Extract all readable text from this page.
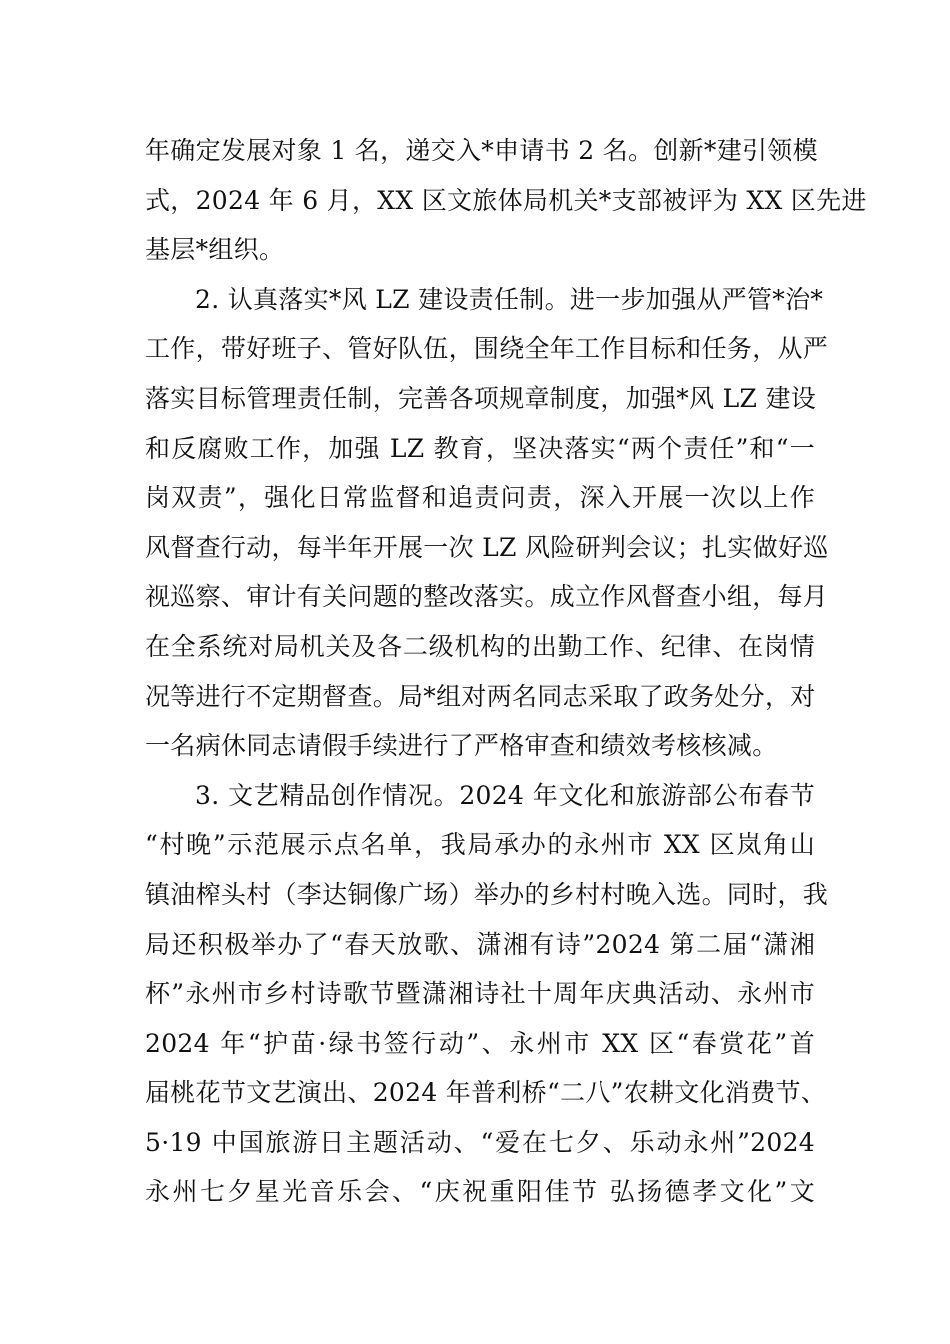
年确定发展对象 1 名，递交入*申请书 2 名。创新*建引领模
式，2024 年 6 月，XX 区文旅体局机关*支部被评为 XX 区先进
基层*组织。
2. 认真落实*风 LZ 建设责任制。进一步加强从严管*治*
工作，带好班子、管好队伍，围绕全年工作目标和任务，从严
落实目标管理责任制，完善各项规章制度，加强*风 LZ 建设
和反腐败工作，加强 LZ 教育，坚决落实“两个责任”和“一
岗双责”，强化日常监督和追责问责，深入开展一次以上作
风督查行动，每半年开展一次 LZ 风险研判会议；扎实做好巡
视巡察、审计有关问题的整改落实。成立作风督查小组，每月
在全系统对局机关及各二级机构的出勤工作、纪律、在岗情
况等进行不定期督查。局*组对两名同志采取了政务处分，对
一名病休同志请假手续进行了严格审查和绩效考核核减。
3. 文艺精品创作情况。2024 年文化和旅游部公布春节
“村晚”示范展示点名单，我局承办的永州市 XX 区岚角山
镇油榨头村（李达铜像广场）举办的乡村村晚入选。同时，我
局还积极举办了“春天放歌、潇湘有诗”2024 第二届“潇湘
杯”永州市乡村诗歌节暨潇湘诗社十周年庆典活动、永州市
2024 年“护苗·绿书签行动”、永州市 XX 区“春赏花”首
届桃花节文艺演出、2024 年普利桥“二八”农耕文化消费节、
5·19 中国旅游日主题活动、“爱在七夕、乐动永州”2024
永州七夕星光音乐会、“庆祝重阳佳节 弘扬德孝文化”文
